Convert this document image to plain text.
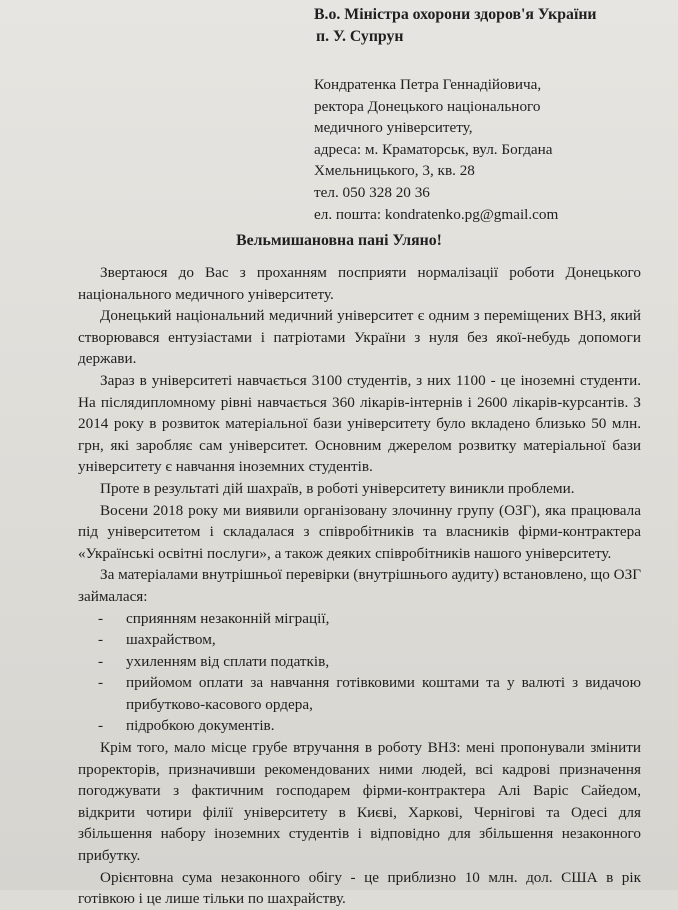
В.о. Міністра охорони здоров'я України
п. У. Супрун
Кондратенка Петра Геннадійовича,
ректора Донецького національного
медичного університету,
адреса: м. Краматорськ, вул. Богдана
Хмельницького, 3, кв. 28
тел. 050 328 20 36
ел. пошта: kondratenko.pg@gmail.com
Вельмишановна пані Уляно!

Звертаюся до Вас з проханням посприяти нормалізації роботи Донецького національного медичного університету.

Донецький національний медичний університет є одним з переміщених ВНЗ, який створювався ентузіастами і патріотами України з нуля без якої-небудь допомоги держави.

Зараз в університеті навчається 3100 студентів, з них 1100 - це іноземні студенти. На післядипломному рівні навчається 360 лікарів-інтернів і 2600 лікарів-курсантів. З 2014 року в розвиток матеріальної бази університету було вкладено близько 50 млн. грн, які заробляє сам університет. Основним джерелом розвитку матеріальної бази університету є навчання іноземних студентів.

Проте в результаті дій шахраїв, в роботі університету виникли проблеми.

Восени 2018 року ми виявили організовану злочинну групу (ОЗГ), яка працювала під університетом і складалася з співробітників та власників фірми-контрактера «Українські освітні послуги», а також деяких співробітників нашого університету.

За матеріалами внутрішньої перевірки (внутрішнього аудиту) встановлено, що ОЗГ займалася:

- сприянням незаконній міграції,
- шахрайством,
- ухиленням від сплати податків,
- прийомом оплати за навчання готівковими коштами та у валюті з видачою прибутково-касового ордера,
- підробкою документів.

Крім того, мало місце грубе втручання в роботу ВНЗ: мені пропонували змінити проректорів, призначивши рекомендованих ними людей, всі кадрові призначення погоджувати з фактичним господарем фірми-контрактера Алі Варіс Сайедом, відкрити чотири філії університету в Києві, Харкові, Чернігові та Одесі для збільшення набору іноземних студентів і відповідно для збільшення незаконного прибутку.

Орієнтовна сума незаконного обігу - це приблизно 10 млн. дол. США в рік готівкою і це лише тільки по шахрайству.
